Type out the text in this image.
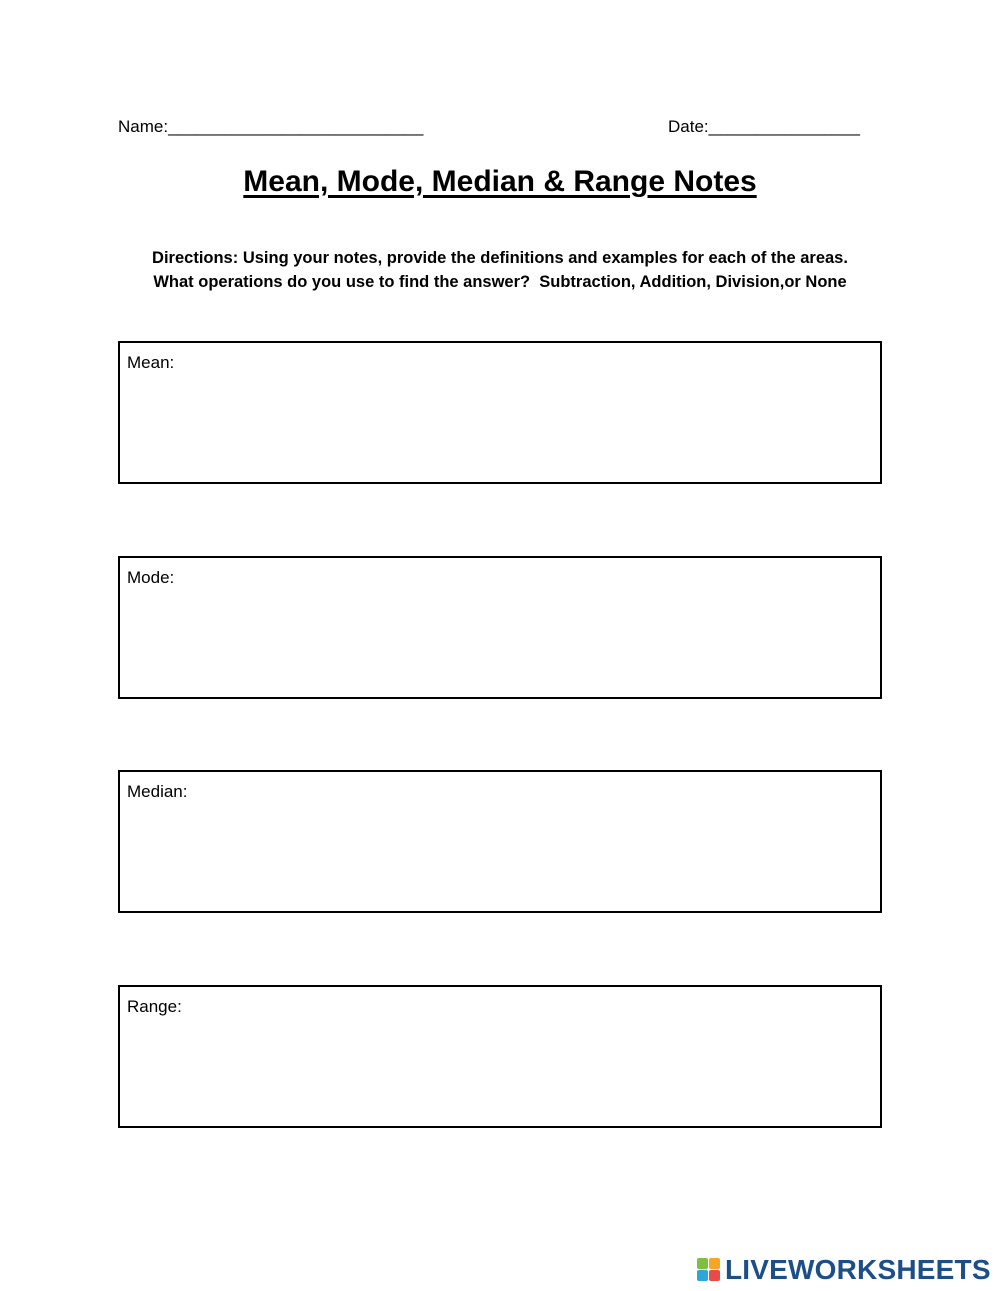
Name:___________________________	Date:________________
Mean, Mode, Median & Range Notes
Directions: Using your notes, provide the definitions and examples for each of the areas.
What operations do you use to find the answer?  Subtraction, Addition, Division,or None
Mean:
Mode:
Median:
Range:
LIVEWORKSHEETS
